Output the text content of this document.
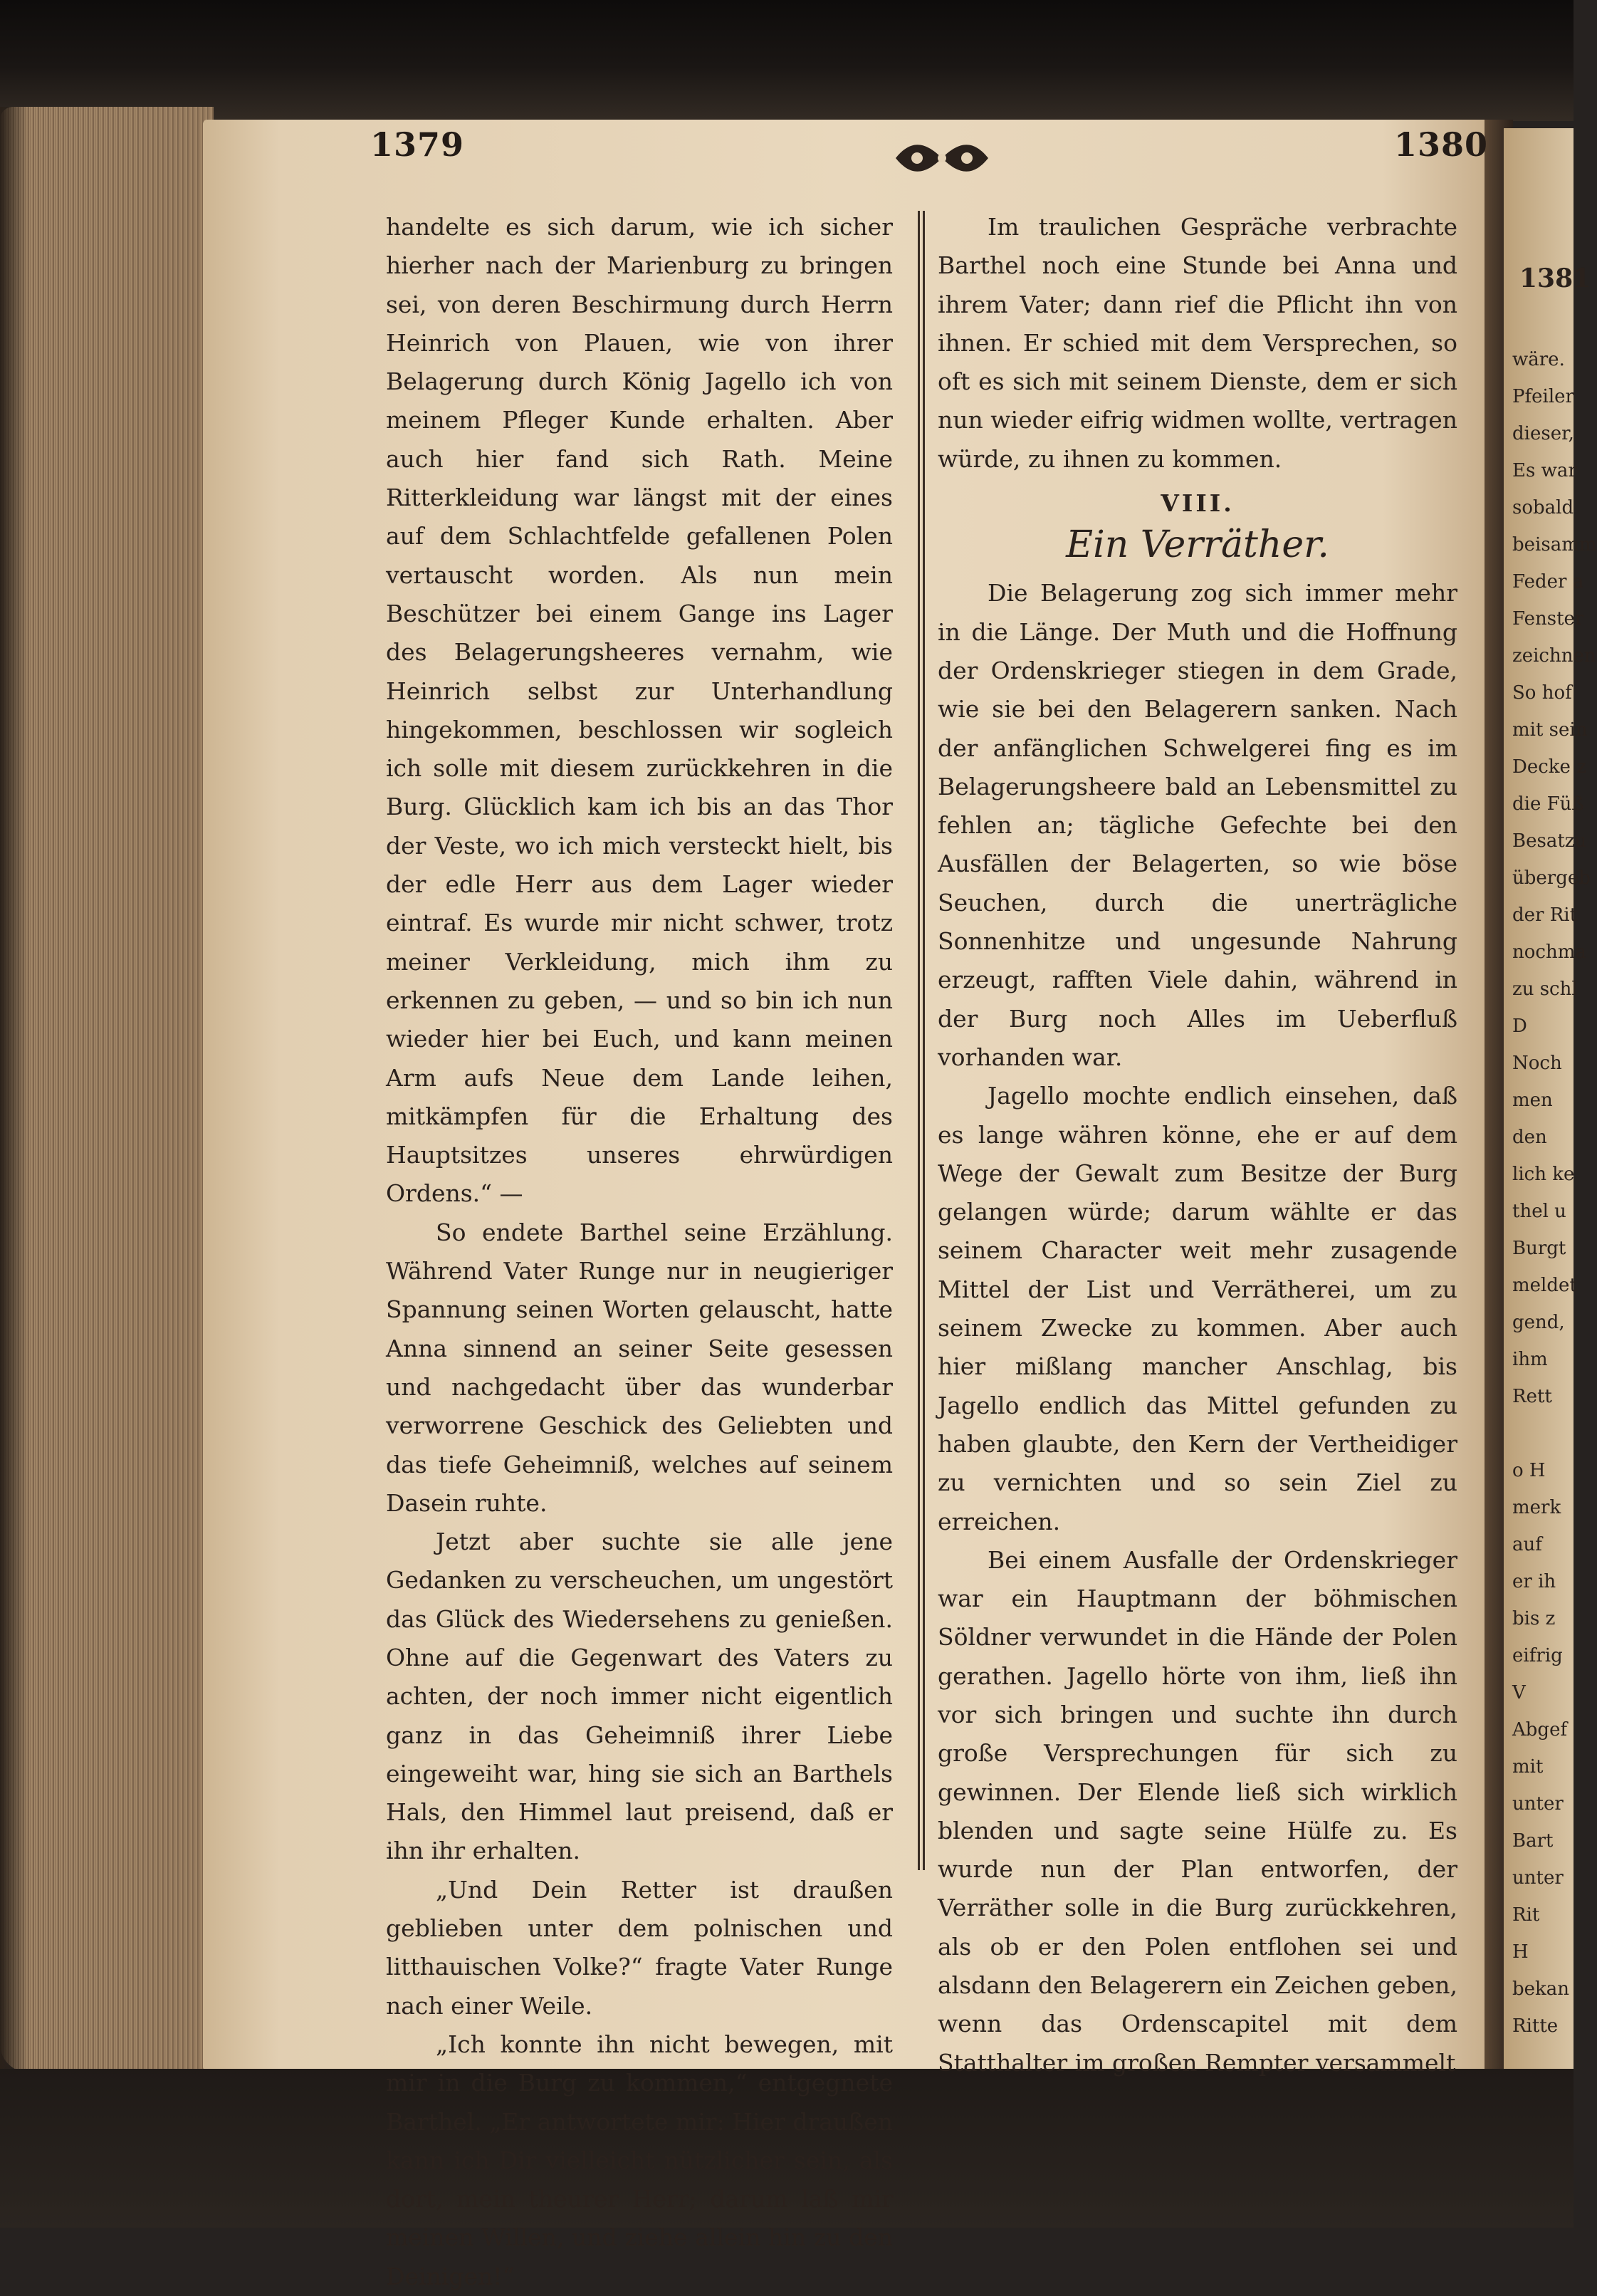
1379	1380

handelte es sich darum, wie ich sicher hierher nach der Marienburg zu bringen sei, von deren Beschirmung durch Herrn Heinrich von Plauen, wie von ihrer Belagerung durch König Jagello ich von meinem Pfleger Kunde erhalten. Aber auch hier fand sich Rath. Meine Ritterkleidung war längst mit der eines auf dem Schlachtfelde gefallenen Polen vertauscht worden. Als nun mein Beschützer bei einem Gange ins Lager des Belagerungsheeres vernahm, wie Heinrich selbst zur Unterhandlung hingekommen, beschlossen wir sogleich ich solle mit diesem zurückkehren in die Burg. Glücklich kam ich bis an das Thor der Veste, wo ich mich versteckt hielt, bis der edle Herr aus dem Lager wieder eintraf. Es wurde mir nicht schwer, trotz meiner Verkleidung, mich ihm zu erkennen zu geben, — und so bin ich nun wieder hier bei Euch, und kann meinen Arm aufs Neue dem Lande leihen, mitkämpfen für die Erhaltung des Hauptsitzes unseres ehrwürdigen Ordens.“ —

So endete Barthel seine Erzählung. Während Vater Runge nur in neugieriger Spannung seinen Worten gelauscht, hatte Anna sinnend an seiner Seite gesessen und nachgedacht über das wunderbar verworrene Geschick des Geliebten und das tiefe Geheimniß, welches auf seinem Dasein ruhte.

Jetzt aber suchte sie alle jene Gedanken zu verscheuchen, um ungestört das Glück des Wiedersehens zu genießen. Ohne auf die Gegenwart des Vaters zu achten, der noch immer nicht eigentlich ganz in das Geheimniß ihrer Liebe eingeweiht war, hing sie sich an Barthels Hals, den Himmel laut preisend, daß er ihn ihr erhalten.

„Und Dein Retter ist draußen geblieben unter dem polnischen und litthauischen Volke?“ fragte Vater Runge nach einer Weile.

„Ich konnte ihn nicht bewegen, mit mir in die Burg zu kommen,“ entgegnete Barthel. „Er antwortete mir: Hier draußen kann ich Dir vielleicht nützlicher sein, als dort, mein theurer Herr; darum laß mir meinen Willen, und ziehe allein hin zu den Deinigen!“

Im traulichen Gespräche verbrachte Barthel noch eine Stunde bei Anna und ihrem Vater; dann rief die Pflicht ihn von ihnen. Er schied mit dem Versprechen, so oft es sich mit seinem Dienste, dem er sich nun wieder eifrig widmen wollte, vertragen würde, zu ihnen zu kommen.

VIII.
Ein Verräther.

Die Belagerung zog sich immer mehr in die Länge. Der Muth und die Hoffnung der Ordenskrieger stiegen in dem Grade, wie sie bei den Belagerern sanken. Nach der anfänglichen Schwelgerei fing es im Belagerungsheere bald an Lebensmittel zu fehlen an; tägliche Gefechte bei den Ausfällen der Belagerten, so wie böse Seuchen, durch die unerträgliche Sonnenhitze und ungesunde Nahrung erzeugt, rafften Viele dahin, während in der Burg noch Alles im Ueberfluß vorhanden war.

Jagello mochte endlich einsehen, daß es lange währen könne, ehe er auf dem Wege der Gewalt zum Besitze der Burg gelangen würde; darum wählte er das seinem Character weit mehr zusagende Mittel der List und Verrätherei, um zu seinem Zwecke zu kommen. Aber auch hier mißlang mancher Anschlag, bis Jagello endlich das Mittel gefunden zu haben glaubte, den Kern der Vertheidiger zu vernichten und so sein Ziel zu erreichen.

Bei einem Ausfalle der Ordenskrieger war ein Hauptmann der böhmischen Söldner verwundet in die Hände der Polen gerathen. Jagello hörte von ihm, ließ ihn vor sich bringen und suchte ihn durch große Versprechungen für sich zu gewinnen. Der Elende ließ sich wirklich blenden und sagte seine Hülfe zu. Es wurde nun der Plan entworfen, der Verräther solle in die Burg zurückkehren, als ob er den Polen entflohen sei und alsdann den Belagerern ein Zeichen geben, wenn das Ordenscapitel mit dem Statthalter im großen Rempter versammelt

1381
wäre.
Pfeiler
dieser,
Es war
sobald
beisamm
Feder a
Fenster
zeichnen
So hof
mit sein
Decke z
die Füß
Besatzu
übergeb
der Rit
nochma
zu schl
D
Noch
men
den
lich ke
thel u
Burgt
meldet
gend,
ihm
Rett
o H
merk
auf
er ih
bis z
eifrig
V
Abgef
mit
unter
Bart
unter
Rit
H
bekan
Ritte
